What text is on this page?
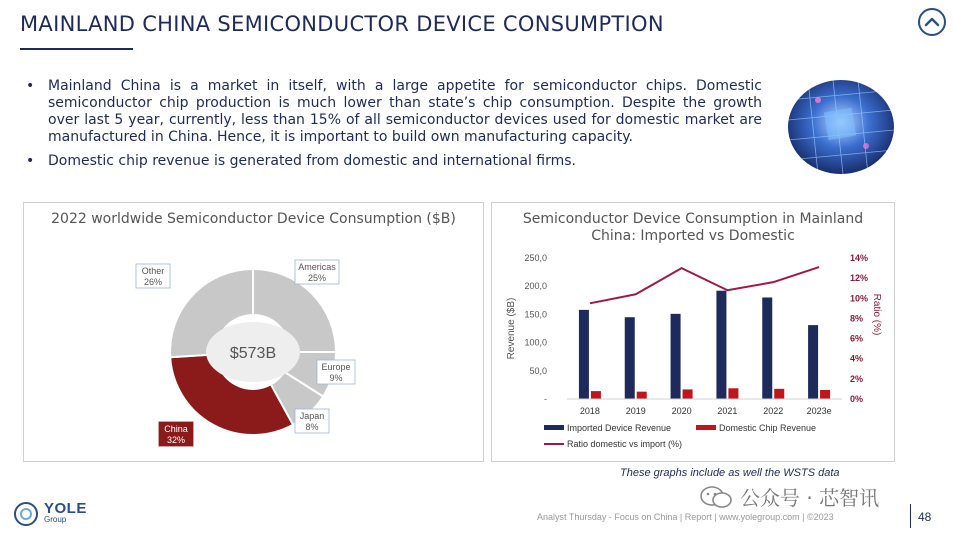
MAINLAND CHINA SEMICONDUCTOR DEVICE CONSUMPTION
• Mainland China is a market in itself, with a large appetite for semiconductor chips. Domestic semiconductor chip production is much lower than state’s chip consumption. Despite the growth over last 5 year, currently, less than 15% of all semiconductor devices used for domestic market are manufactured in China. Hence, it is important to build own manufacturing capacity.
• Domestic chip revenue is generated from domestic and international firms.
2022 worldwide Semiconductor Device Consumption ($B)
Americas
25%
Europe
9%
Japan
8%
China
32%
Other
26%
$573B
Semiconductor Device Consumption in Mainland China: Imported vs Domestic
-
50,0
100,0
150,0
200,0
250,0
0%
2%
4%
6%
8%
10%
12%
14%
Revenue ($B)	Ratio (%)
2018	2019	2020	2021	2022	2023e
Imported Device Revenue	Domestic Chip Revenue
Ratio domestic vs import (%)
These graphs include as well the WSTS data
YOLE
Group
公众号 · 芯智讯
Analyst Thursday - Focus on China | Report | www.yolegroup.com | ©2023	48
